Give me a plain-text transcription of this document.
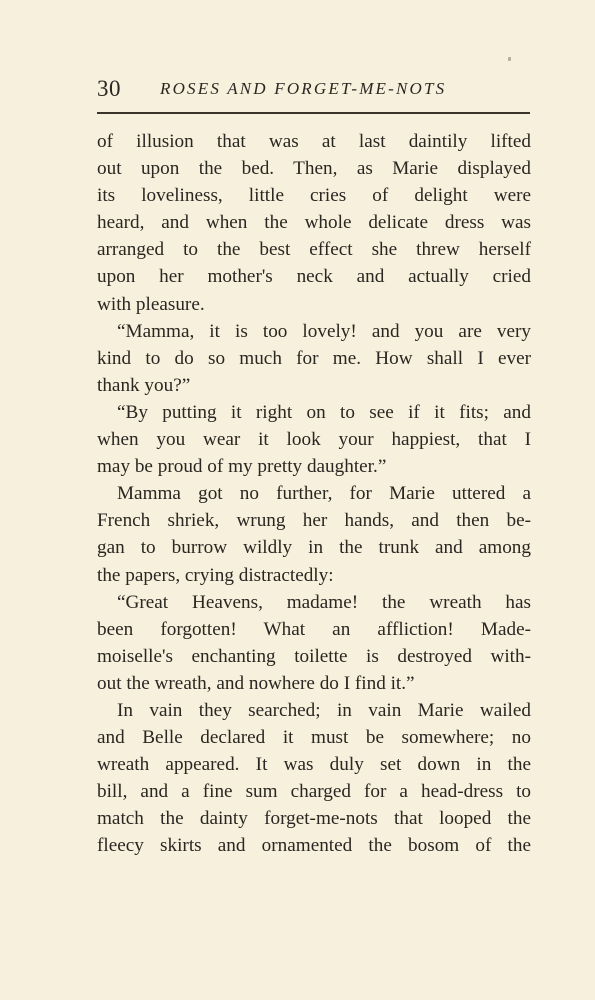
30 ROSES AND FORGET-ME-NOTS
of illusion that was at last daintily lifted
out upon the bed. Then, as Marie displayed
its loveliness, little cries of delight were
heard, and when the whole delicate dress was
arranged to the best effect she threw herself
upon her mother's neck and actually cried
with pleasure.
“Mamma, it is too lovely! and you are very
kind to do so much for me. How shall I ever
thank you?”
“By putting it right on to see if it fits; and
when you wear it look your happiest, that I
may be proud of my pretty daughter.”
Mamma got no further, for Marie uttered a
French shriek, wrung her hands, and then be-
gan to burrow wildly in the trunk and among
the papers, crying distractedly:
“Great Heavens, madame! the wreath has
been forgotten! What an affliction! Made-
moiselle's enchanting toilette is destroyed with-
out the wreath, and nowhere do I find it.”
In vain they searched; in vain Marie wailed
and Belle declared it must be somewhere; no
wreath appeared. It was duly set down in the
bill, and a fine sum charged for a head-dress to
match the dainty forget-me-nots that looped the
fleecy skirts and ornamented the bosom of the
